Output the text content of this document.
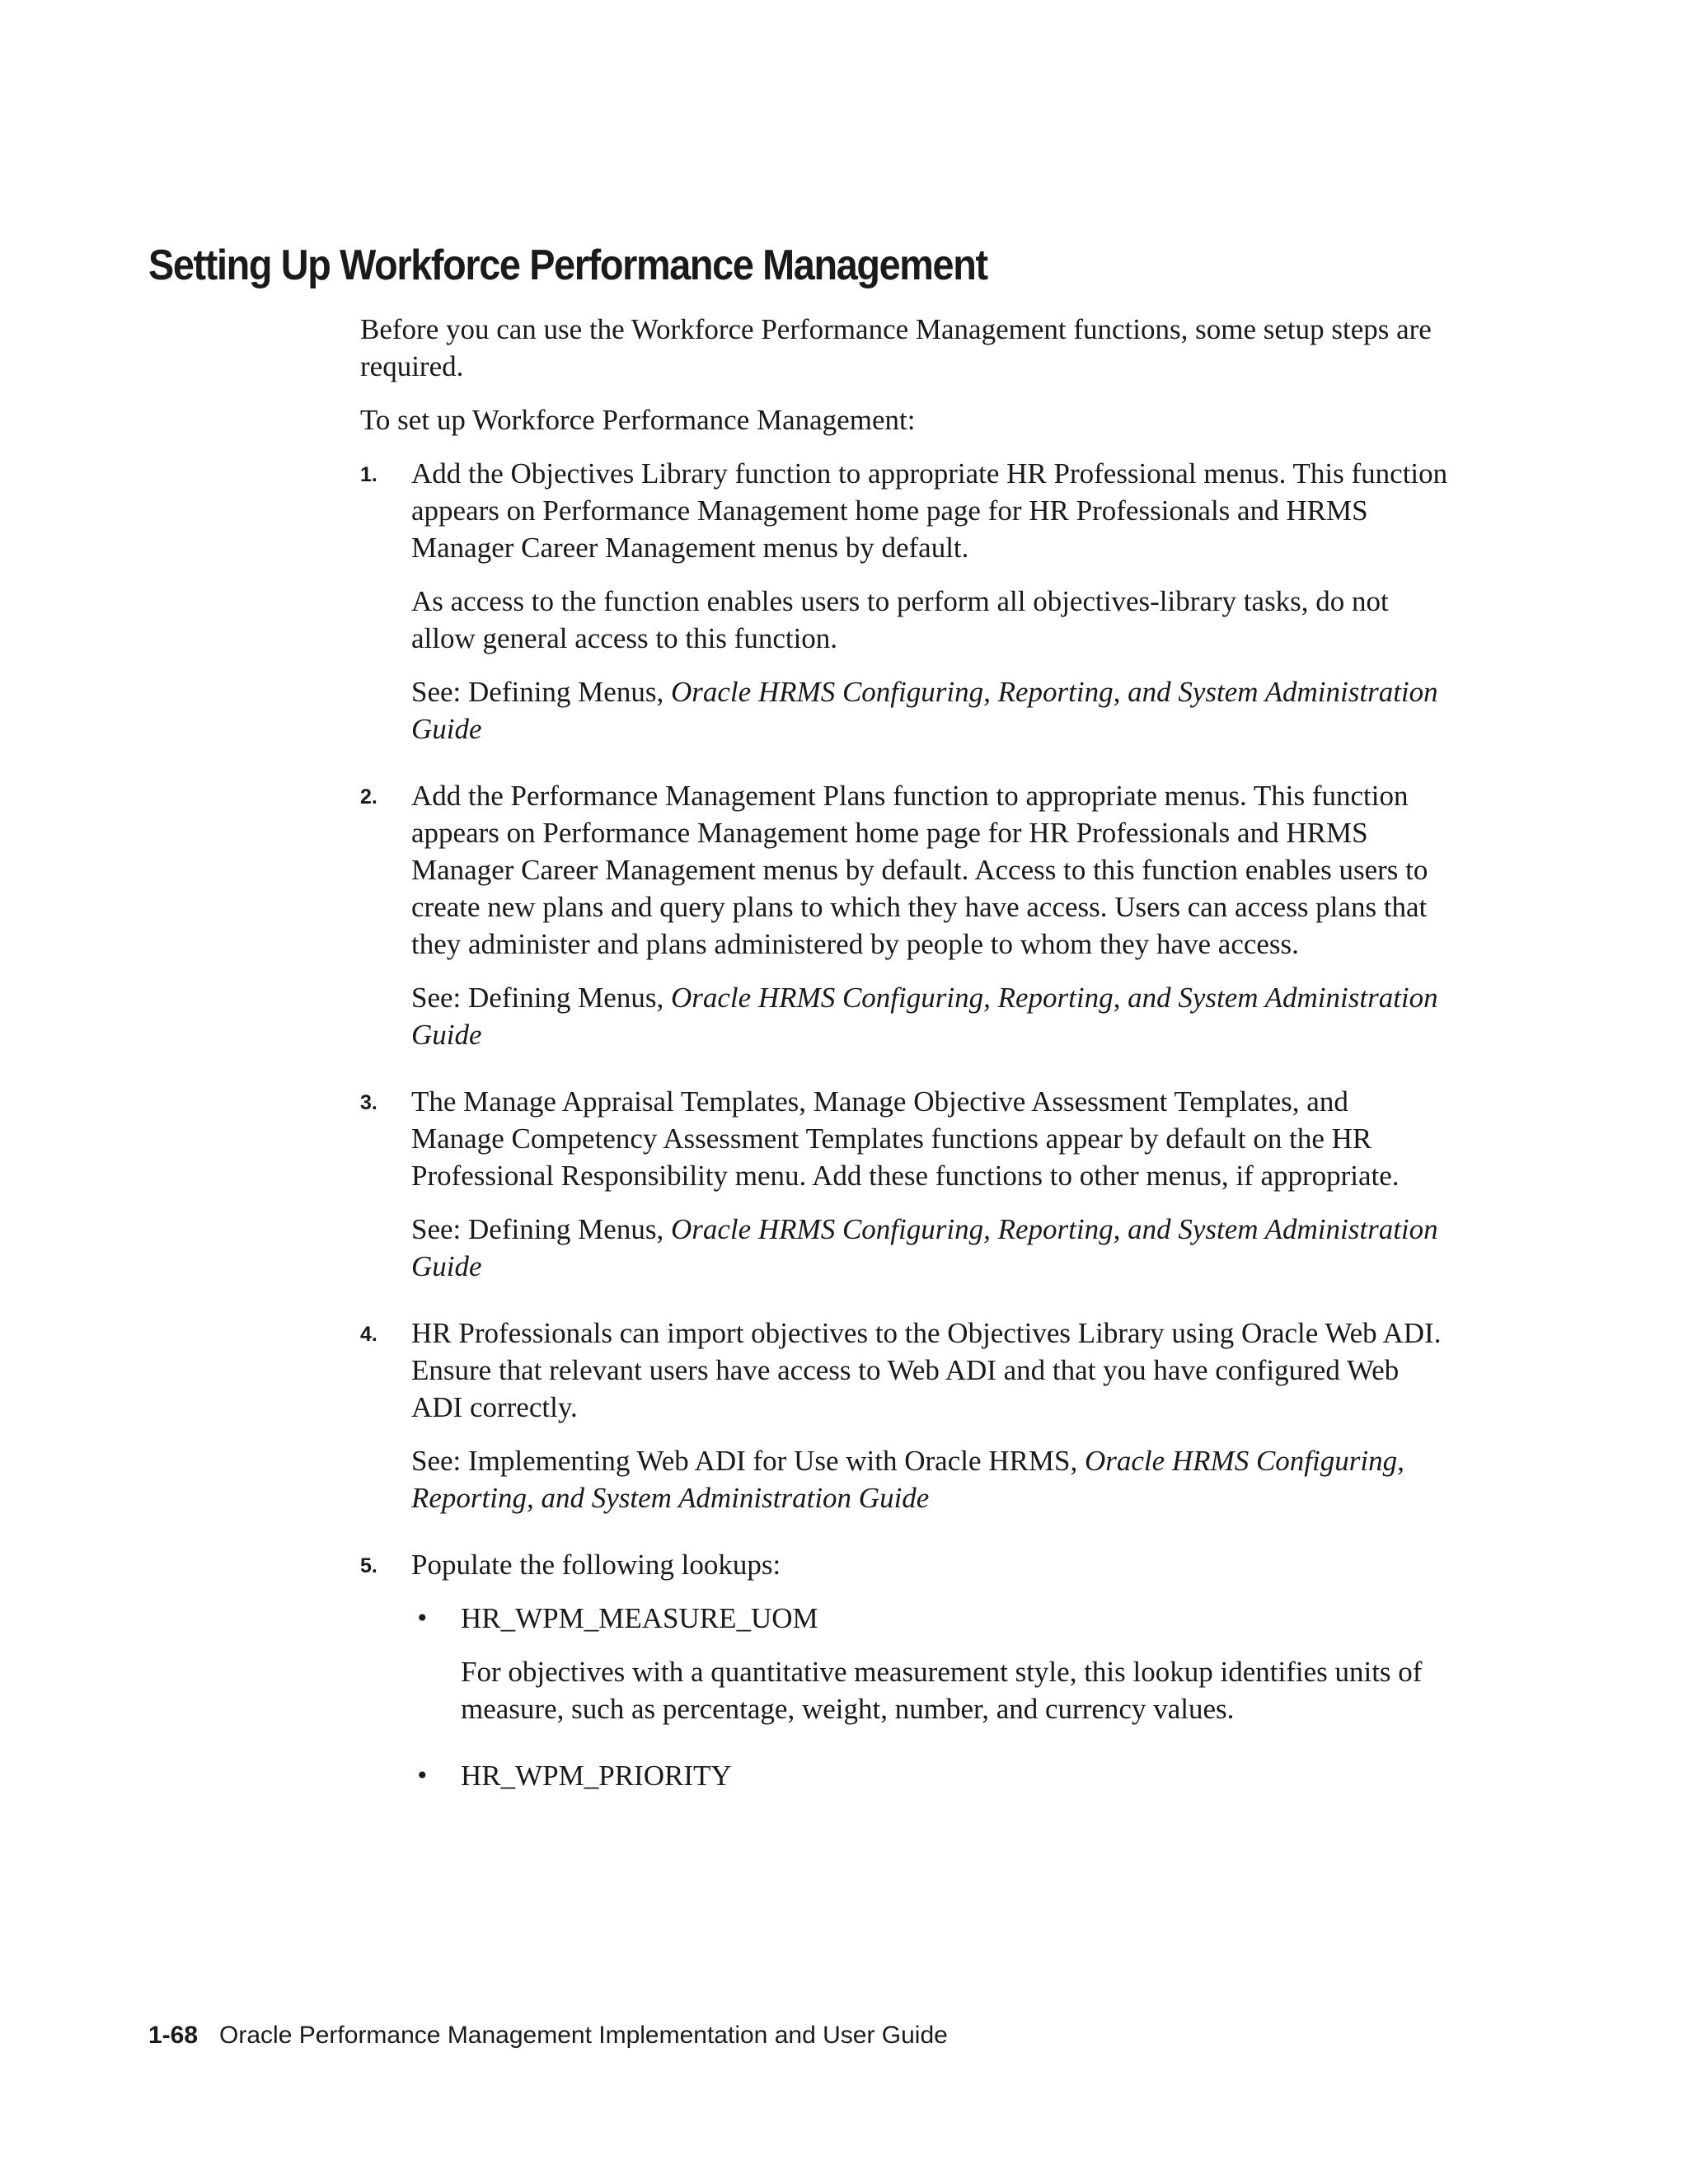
Setting Up Workforce Performance Management

Before you can use the Workforce Performance Management functions, some setup steps are required.

To set up Workforce Performance Management:

1. Add the Objectives Library function to appropriate HR Professional menus. This function appears on Performance Management home page for HR Professionals and HRMS Manager Career Management menus by default.

As access to the function enables users to perform all objectives-library tasks, do not allow general access to this function.

See: Defining Menus, Oracle HRMS Configuring, Reporting, and System Administration Guide

2. Add the Performance Management Plans function to appropriate menus. This function appears on Performance Management home page for HR Professionals and HRMS Manager Career Management menus by default. Access to this function enables users to create new plans and query plans to which they have access. Users can access plans that they administer and plans administered by people to whom they have access.

See: Defining Menus, Oracle HRMS Configuring, Reporting, and System Administration Guide

3. The Manage Appraisal Templates, Manage Objective Assessment Templates, and Manage Competency Assessment Templates functions appear by default on the HR Professional Responsibility menu. Add these functions to other menus, if appropriate.

See: Defining Menus, Oracle HRMS Configuring, Reporting, and System Administration Guide

4. HR Professionals can import objectives to the Objectives Library using Oracle Web ADI. Ensure that relevant users have access to Web ADI and that you have configured Web ADI correctly.

See: Implementing Web ADI for Use with Oracle HRMS, Oracle HRMS Configuring, Reporting, and System Administration Guide

5. Populate the following lookups:

• HR_WPM_MEASURE_UOM

For objectives with a quantitative measurement style, this lookup identifies units of measure, such as percentage, weight, number, and currency values.

• HR_WPM_PRIORITY

1-68 Oracle Performance Management Implementation and User Guide
